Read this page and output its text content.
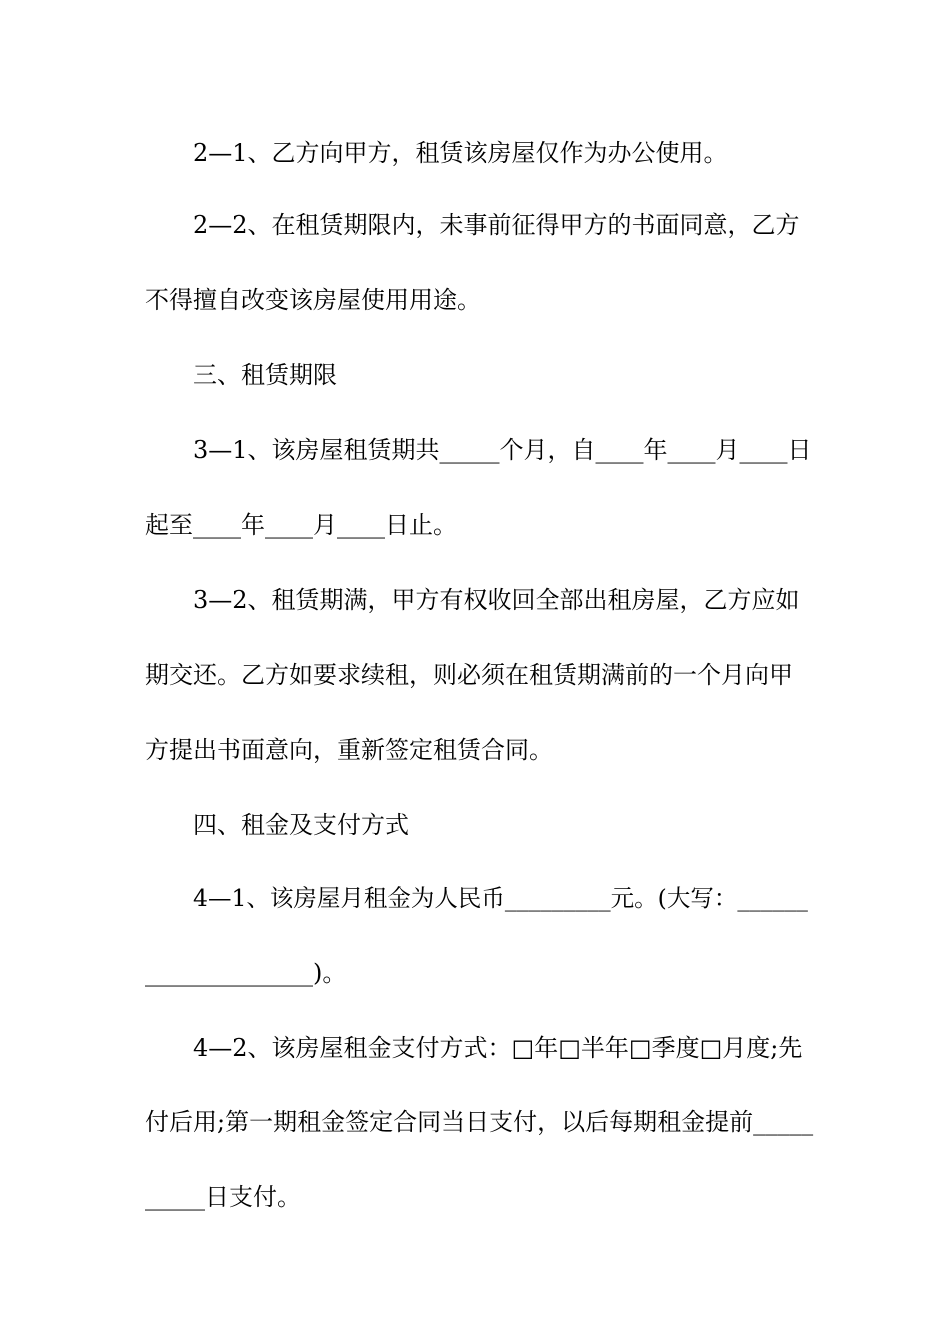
2—1、乙方向甲方，租赁该房屋仅作为办公使用。
2—2、在租赁期限内，未事前征得甲方的书面同意，乙方
不得擅自改变该房屋使用用途。
三、租赁期限
3—1、该房屋租赁期共_____个月，自____年____月____日
起至____年____月____日止。
3—2、租赁期满，甲方有权收回全部出租房屋，乙方应如
期交还。乙方如要求续租，则必须在租赁期满前的一个月向甲
方提出书面意向，重新签定租赁合同。
四、租金及支付方式
4—1、该房屋月租金为人民币_________元。(大写：______
______________)。
4—2、该房屋租金支付方式：□年□半年□季度□月度;先
付后用;第一期租金签定合同当日支付，以后每期租金提前_____
_____日支付。
